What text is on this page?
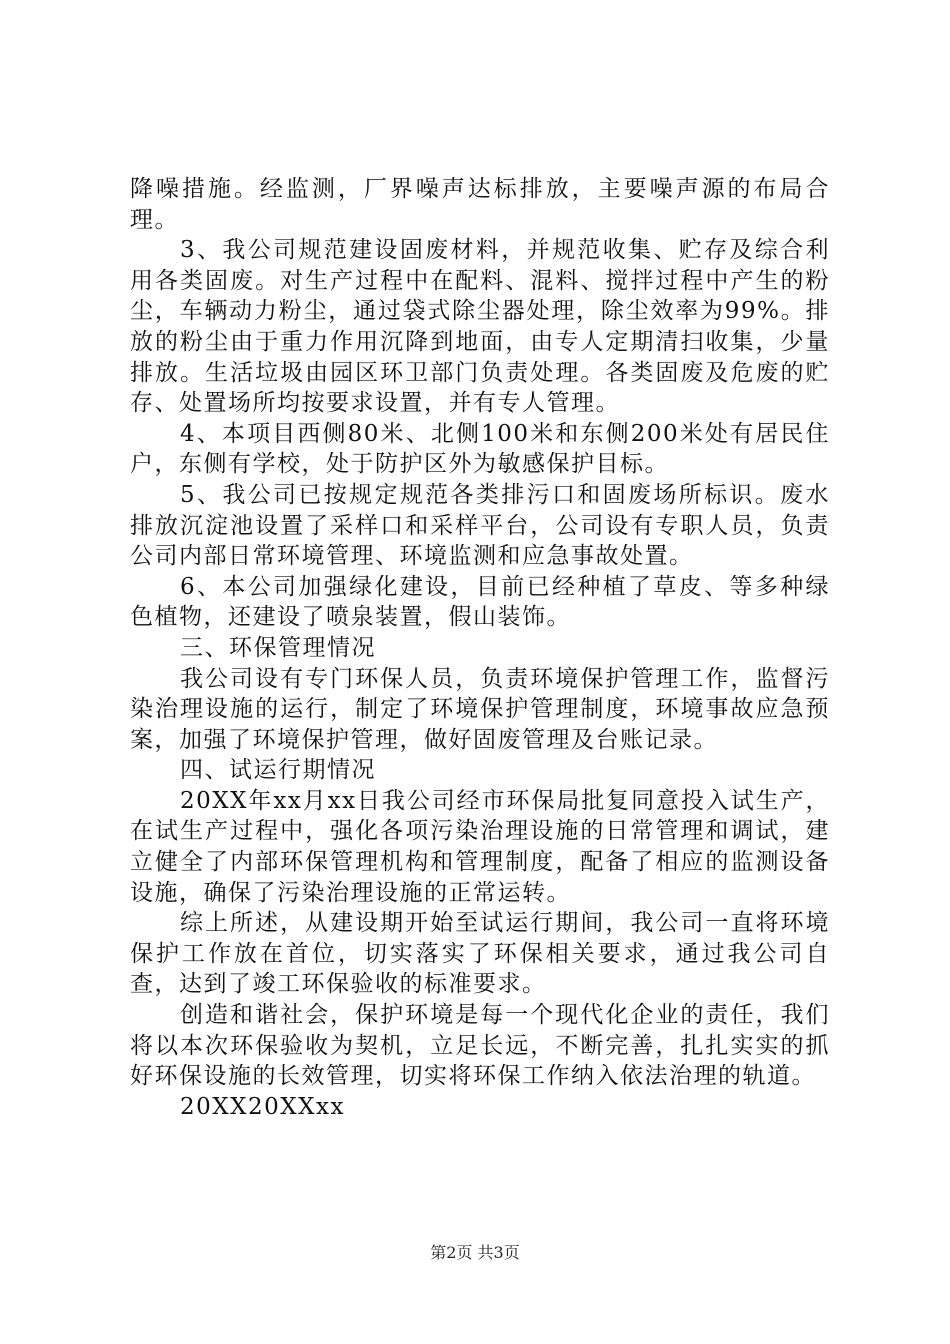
降噪措施。经监测，厂界噪声达标排放，主要噪声源的布局合理。

3、我公司规范建设固废材料，并规范收集、贮存及综合利用各类固废。对生产过程中在配料、混料、搅拌过程中产生的粉尘，车辆动力粉尘，通过袋式除尘器处理，除尘效率为99%。排放的粉尘由于重力作用沉降到地面，由专人定期清扫收集，少量排放。生活垃圾由园区环卫部门负责处理。各类固废及危废的贮存、处置场所均按要求设置，并有专人管理。

4、本项目西侧80米、北侧100米和东侧200米处有居民住户，东侧有学校，处于防护区外为敏感保护目标。

5、我公司已按规定规范各类排污口和固废场所标识。废水排放沉淀池设置了采样口和采样平台，公司设有专职人员，负责公司内部日常环境管理、环境监测和应急事故处置。

6、本公司加强绿化建设，目前已经种植了草皮、等多种绿色植物，还建设了喷泉装置，假山装饰。

三、环保管理情况

我公司设有专门环保人员，负责环境保护管理工作，监督污染治理设施的运行，制定了环境保护管理制度，环境事故应急预案，加强了环境保护管理，做好固废管理及台账记录。

四、试运行期情况

20XX年xx月xx日我公司经市环保局批复同意投入试生产，在试生产过程中，强化各项污染治理设施的日常管理和调试，建立健全了内部环保管理机构和管理制度，配备了相应的监测设备设施，确保了污染治理设施的正常运转。

综上所述，从建设期开始至试运行期间，我公司一直将环境保护工作放在首位，切实落实了环保相关要求，通过我公司自查，达到了竣工环保验收的标准要求。

创造和谐社会，保护环境是每一个现代化企业的责任，我们将以本次环保验收为契机，立足长远，不断完善，扎扎实实的抓好环保设施的长效管理，切实将环保工作纳入依法治理的轨道。

20XX20XXxx

第2页 共3页
